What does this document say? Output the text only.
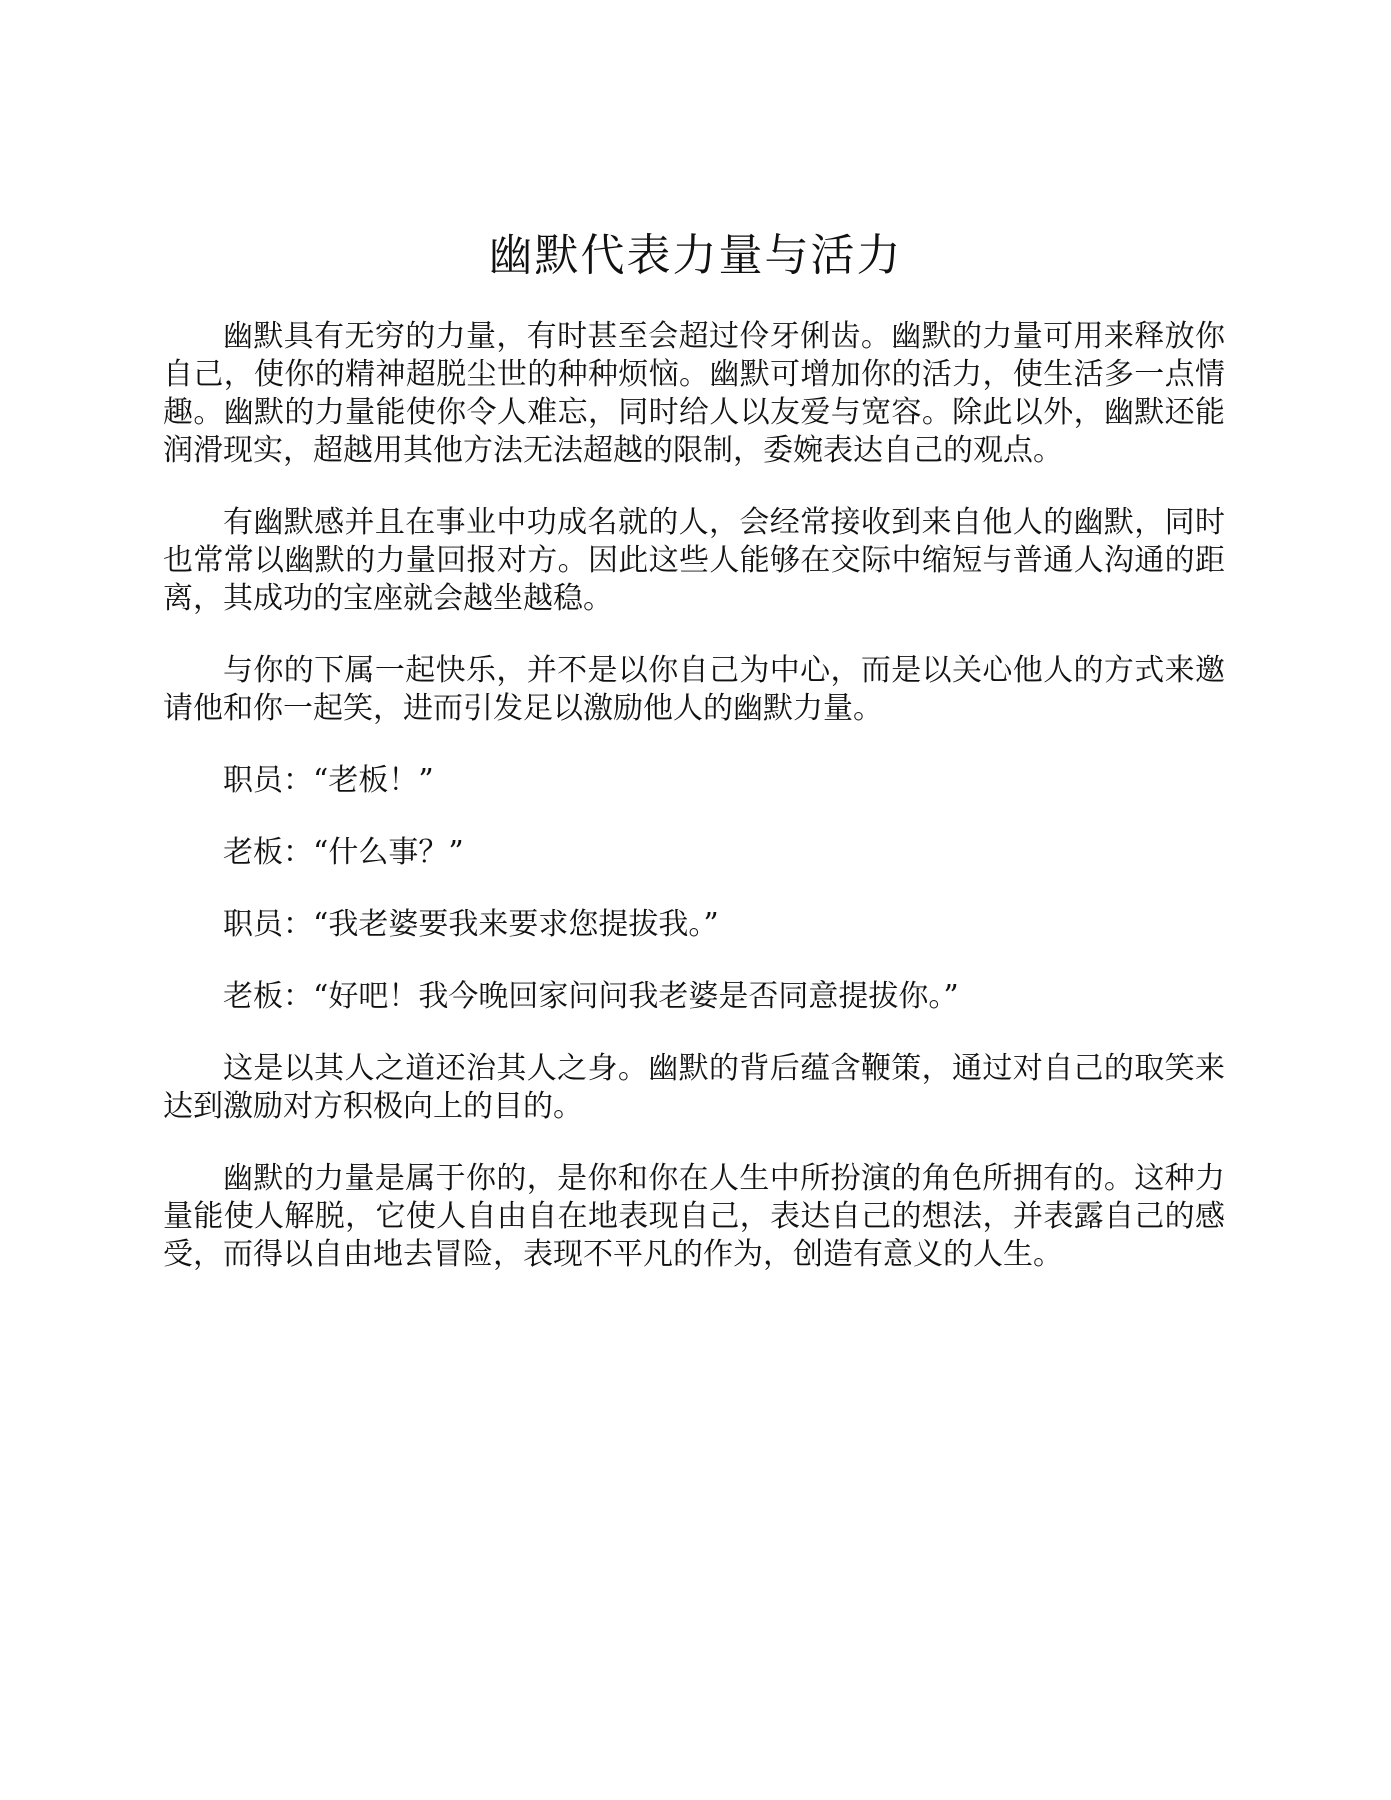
幽默代表力量与活力

幽默具有无穷的力量，有时甚至会超过伶牙俐齿。幽默的力量可用来释放你自己，使你的精神超脱尘世的种种烦恼。幽默可增加你的活力，使生活多一点情趣。幽默的力量能使你令人难忘，同时给人以友爱与宽容。除此以外，幽默还能润滑现实，超越用其他方法无法超越的限制，委婉表达自己的观点。

有幽默感并且在事业中功成名就的人，会经常接收到来自他人的幽默，同时也常常以幽默的力量回报对方。因此这些人能够在交际中缩短与普通人沟通的距离，其成功的宝座就会越坐越稳。

与你的下属一起快乐，并不是以你自己为中心，而是以关心他人的方式来邀请他和你一起笑，进而引发足以激励他人的幽默力量。

职员：“老板！”

老板：“什么事？”

职员：“我老婆要我来要求您提拔我。”

老板：“好吧！我今晚回家问问我老婆是否同意提拔你。”

这是以其人之道还治其人之身。幽默的背后蕴含鞭策，通过对自己的取笑来达到激励对方积极向上的目的。

幽默的力量是属于你的，是你和你在人生中所扮演的角色所拥有的。这种力量能使人解脱，它使人自由自在地表现自己，表达自己的想法，并表露自己的感受，而得以自由地去冒险，表现不平凡的作为，创造有意义的人生。
